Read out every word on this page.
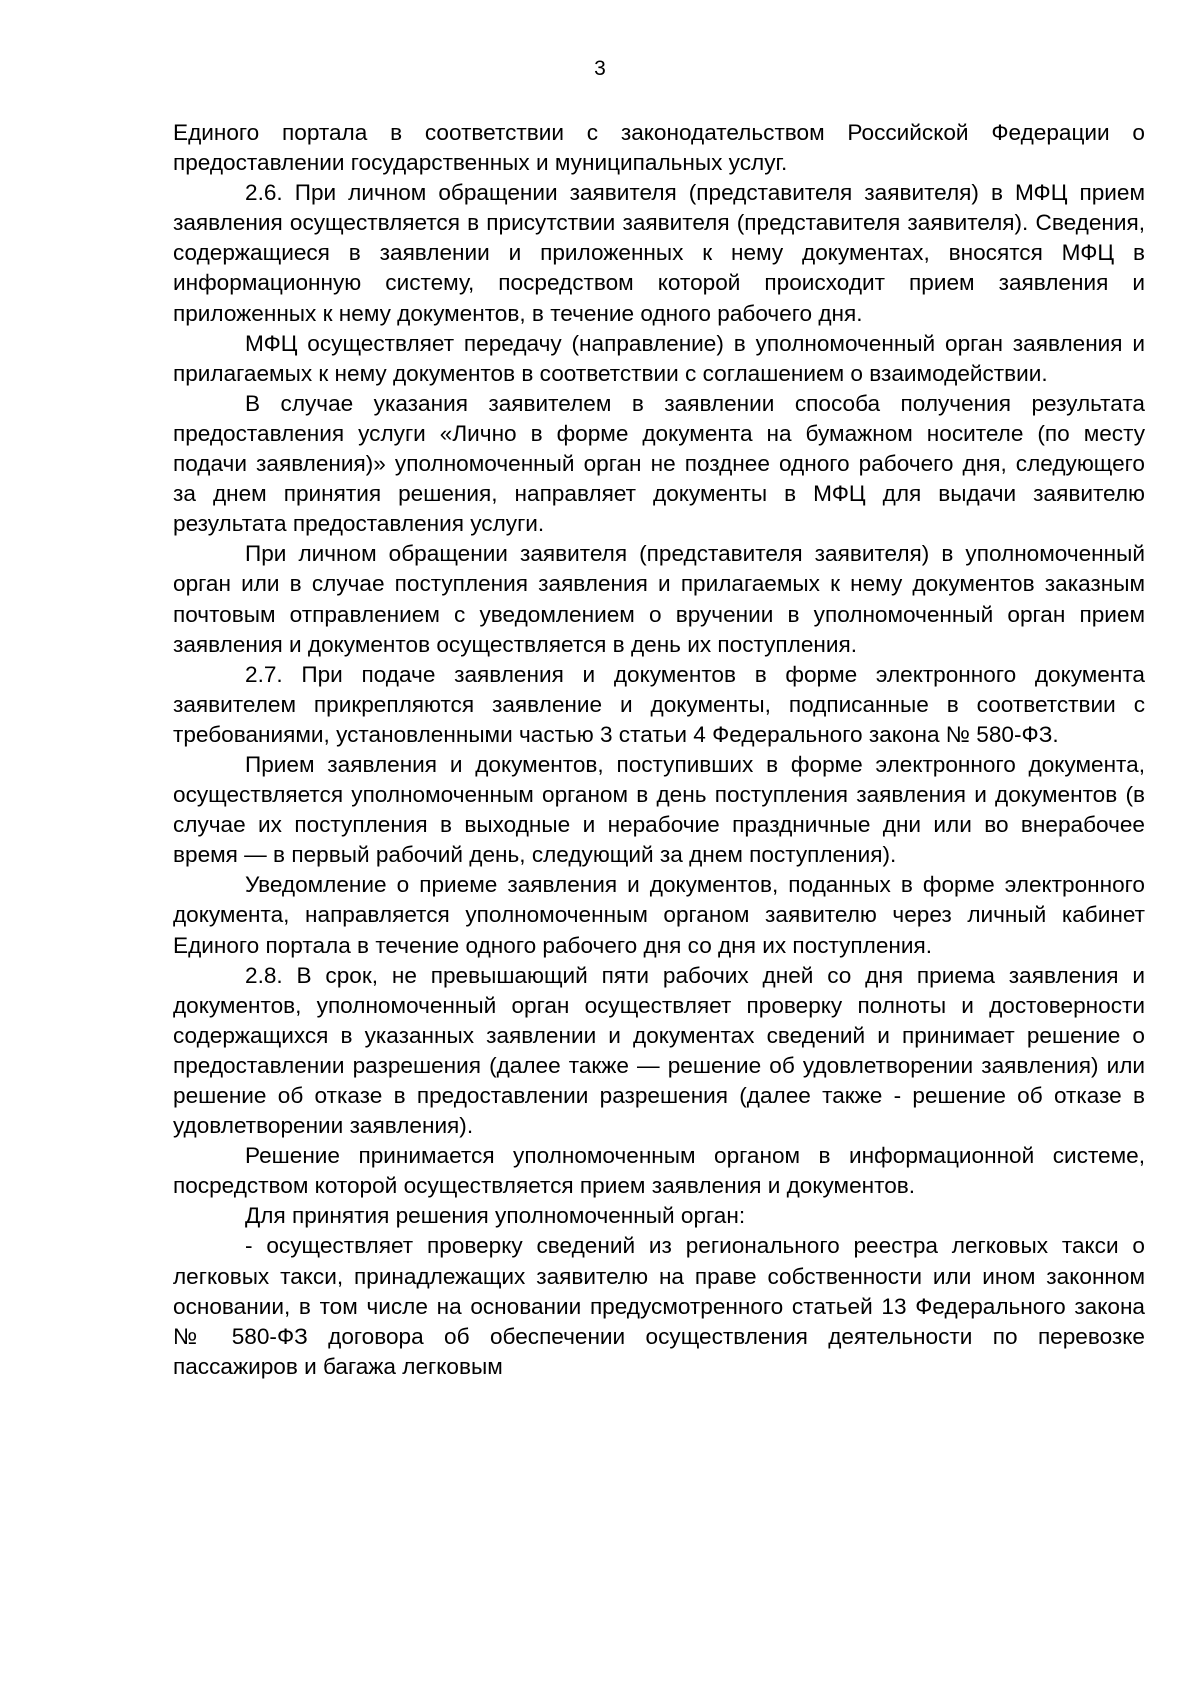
3

Единого портала в соответствии с законодательством Российской Федерации о предоставлении государственных и муниципальных услуг.

2.6. При личном обращении заявителя (представителя заявителя) в МФЦ прием заявления осуществляется в присутствии заявителя (представителя заявителя). Сведения, содержащиеся в заявлении и приложенных к нему документах, вносятся МФЦ в информационную систему, посредством которой происходит прием заявления и приложенных к нему документов, в течение одного рабочего дня.

МФЦ осуществляет передачу (направление) в уполномоченный орган заявления и прилагаемых к нему документов в соответствии с соглашением о взаимодействии.

В случае указания заявителем в заявлении способа получения результата предоставления услуги «Лично в форме документа на бумажном носителе (по месту подачи заявления)» уполномоченный орган не позднее одного рабочего дня, следующего за днем принятия решения, направляет документы в МФЦ для выдачи заявителю результата предоставления услуги.

При личном обращении заявителя (представителя заявителя) в уполномоченный орган или в случае поступления заявления и прилагаемых к нему документов заказным почтовым отправлением с уведомлением о вручении в уполномоченный орган прием заявления и документов осуществляется в день их поступления.

2.7. При подаче заявления и документов в форме электронного документа заявителем прикрепляются заявление и документы, подписанные в соответствии с требованиями, установленными частью 3 статьи 4 Федерального закона № 580-ФЗ.

Прием заявления и документов, поступивших в форме электронного документа, осуществляется уполномоченным органом в день поступления заявления и документов (в случае их поступления в выходные и нерабочие праздничные дни или во внерабочее время — в первый рабочий день, следующий за днем поступления).

Уведомление о приеме заявления и документов, поданных в форме электронного документа, направляется уполномоченным органом заявителю через личный кабинет Единого портала в течение одного рабочего дня со дня их поступления.

2.8. В срок, не превышающий пяти рабочих дней со дня приема заявления и документов, уполномоченный орган осуществляет проверку полноты и достоверности содержащихся в указанных заявлении и документах сведений и принимает решение о предоставлении разрешения (далее также — решение об удовлетворении заявления) или решение об отказе в предоставлении разрешения (далее также - решение об отказе в удовлетворении заявления).

Решение принимается уполномоченным органом в информационной системе, посредством которой осуществляется прием заявления и документов.

Для принятия решения уполномоченный орган:

- осуществляет проверку сведений из регионального реестра легковых такси о легковых такси, принадлежащих заявителю на праве собственности или ином законном основании, в том числе на основании предусмотренного статьей 13 Федерального закона № 580-ФЗ договора об обеспечении осуществления деятельности по перевозке пассажиров и багажа легковым
